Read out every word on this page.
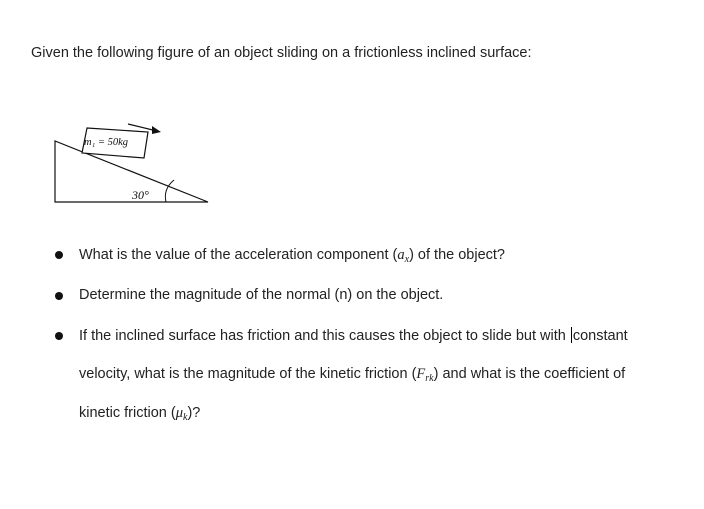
Given the following figure of an object sliding on a frictionless inclined surface:
m₁ = 50kg
30°
What is the value of the acceleration component $(a_x)$ of the object?
Determine the magnitude of the normal (n) on the object.
If the inclined surface has friction and this causes the object to slide but with constant
velocity, what is the magnitude of the kinetic friction $(F_{rk})$ and what is the coefficient of
kinetic friction $(\mu_k)$?
